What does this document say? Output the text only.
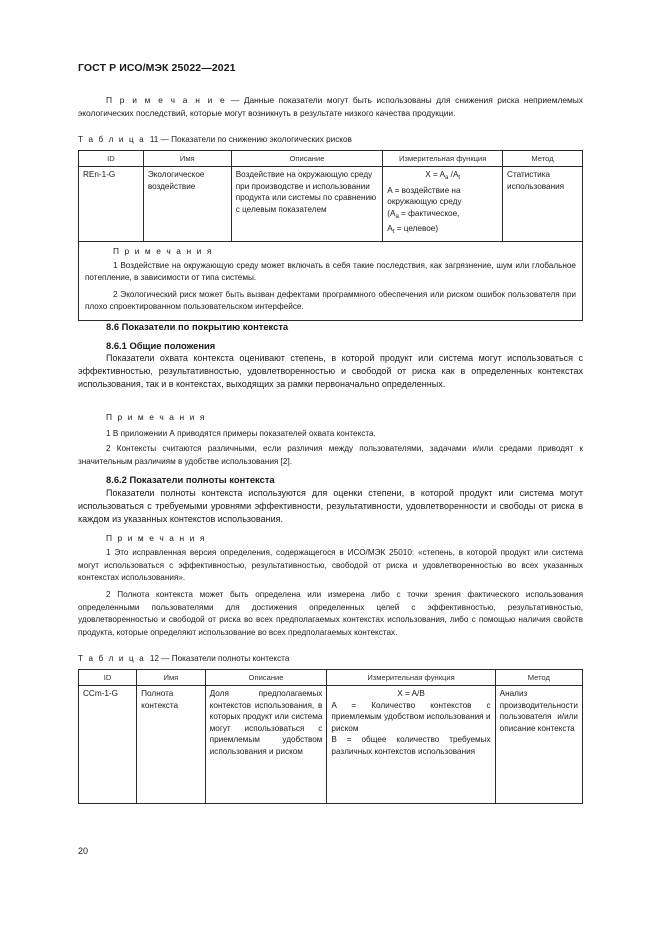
ГОСТ Р ИСО/МЭК 25022—2021
П р и м е ч а н и е — Данные показатели могут быть использованы для снижения риска неприемлемых экологических последствий, которые могут возникнуть в результате низкого качества продукции.
Т а б л и ц а 11 — Показатели по снижению экологических рисков
ID	Имя	Описание	Измерительная функция	Метод
REn-1-G	Экологическое воздействие	Воздействие на окружающую среду при производстве и использовании продукта или системы по сравнению с целевым показателем	$X = A_a$ $/A_t$
A = воздействие на окружающую среду
($A_a$ = фактическое,
$A_t$ = целевое)	Статистика использования

П р и м е ч а н и я
1 Воздействие на окружающую среду может включать в себя такие последствия, как загрязнение, шум или глобальное потепление, в зависимости от типа системы.
2 Экологический риск может быть вызван дефектами программного обеспечения или риском ошибок пользователя при плохо спроектированном пользовательском интерфейсе.				
8.6 Показатели по покрытию контекста
8.6.1 Общие положения
Показатели охвата контекста оценивают степень, в которой продукт или система могут использоваться с эффективностью, результативностью, удовлетворенностью и свободой от риска как в определенных контекстах использования, так и в контекстах, выходящих за рамки первоначально определенных.
П р и м е ч а н и я
1 В приложении А приводятся примеры показателей охвата контекста.
2 Контексты считаются различными, если различия между пользователями, задачами и/или средами приводят к значительным различиям в удобстве использования [2].
8.6.2 Показатели полноты контекста
Показатели полноты контекста используются для оценки степени, в которой продукт или система могут использоваться с требуемыми уровнями эффективности, результативности, удовлетворенности и свободы от риска в каждом из указанных контекстов использования.
П р и м е ч а н и я
1 Это исправленная версия определения, содержащегося в ИСО/МЭК 25010: «степень, в которой продукт или система могут использоваться с эффективностью, результативностью, свободой от риска и удовлетворенностью во всех указанных контекстах использования».
2 Полнота контекста может быть определена или измерена либо с точки зрения фактического использования определенными пользователями для достижения определенных целей с эффективностью, результативностью, удовлетворенностью и свободой от риска во всех предполагаемых контекстах использования, либо с помощью наличия свойств продукта, которые определяют использование во всех предполагаемых контекстах.
Т а б л и ц а 12 — Показатели полноты контекста
ID	Имя	Описание	Измерительная функция	Метод
CCm-1-G	Полнота контекста	Доля предполагаемых контекстов использования, в которых продукт или система могут использоваться с приемлемым удобством использования и риском	X = A/B
A = Количество контекстов с приемлемым удобством использования и риском
B = общее количество требуемых различных контекстов использования	Анализ производительности пользователя и/или описание контекста
20
